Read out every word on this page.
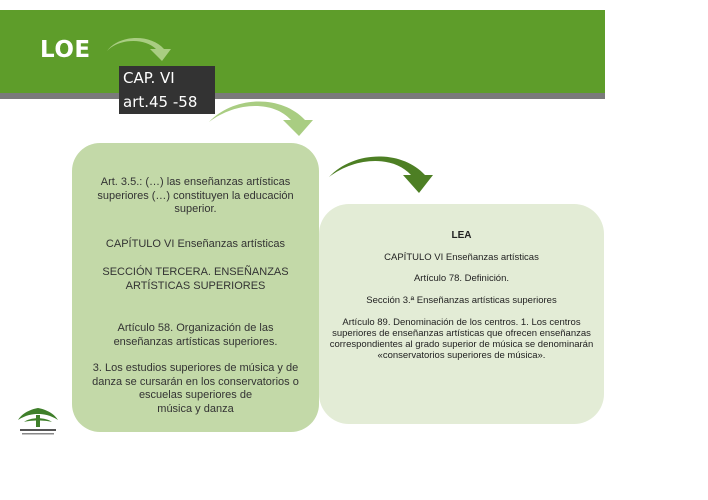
LOE
CAP. VI
art.45 -58

Art. 3.5.: (…) las enseñanzas artísticas superiores (…) constituyen la educación superior.

CAPÍTULO VI Enseñanzas artísticas

SECCIÓN TERCERA. ENSEÑANZAS ARTÍSTICAS SUPERIORES

Artículo 58. Organización de las enseñanzas artísticas superiores.

3. Los estudios superiores de música y de danza se cursarán en los conservatorios o escuelas superiores de
música y danza

LEA

CAPÍTULO VI Enseñanzas artísticas

Artículo 78. Definición.

Sección 3.ª Enseñanzas artísticas superiores

Artículo 89. Denominación de los centros. 1. Los centros superiores de enseñanzas artísticas que ofrecen enseñanzas correspondientes al grado superior de música se denominarán «conservatorios superiores de música».
